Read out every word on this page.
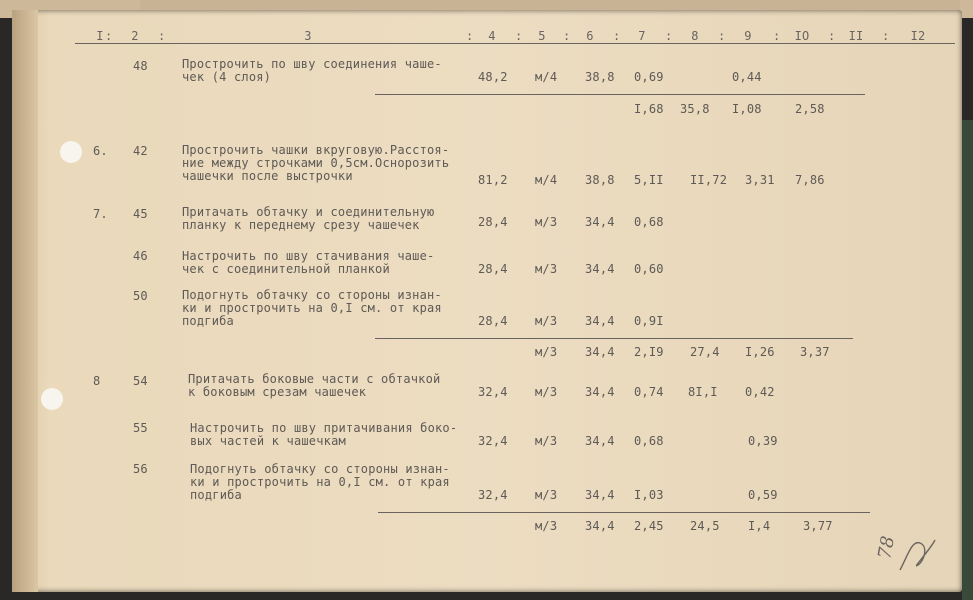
I :	2	:	3	:	4	:	5	:	6	:	7	:	8	:	9	:	IO	:	II	:	I2
48	Прострочить по шву соединения чаше-
чек (4 слоя)	48,2 м/4 38,8 0,69	0,44
I,68 35,8 I,08	2,58
6. 42	Прострочить чашки вкруговую.Расстоя-
ние между строчками 0,5см.Оснорозить
чашечки после выстрочки	81,2 м/4 38,8 5,II II,72 3,31 7,86
7. 45	Притачать обтачку и соединительную
планку к переднему срезу чашечек	28,4 м/3 34,4 0,68
46	Настрочить по шву стачивания чаше-
чек с соединительной планкой	28,4 м/3 34,4 0,60
50	Подогнуть обтачку со стороны изнан-
ки и прострочить на 0,I см. от края
подгиба	28,4 м/3 34,4 0,9I
м/3 34,4 2,I9 27,4 I,26 3,37
8	54	Притачать боковые части с обтачкой
к боковым срезам чашечек	32,4 м/3 34,4 0,74 8I,I 0,42
55	Настрочить по шву притачивания боко-
вых частей к чашечкам	32,4 м/3 34,4 0,68	0,39
56	Подогнуть обтачку со стороны изнан-
ки и прострочить на 0,I см. от края
подгиба	32,4 м/3 34,4 I,03	0,59
м/3 34,4 2,45 24,5 I,4	3,77
78
